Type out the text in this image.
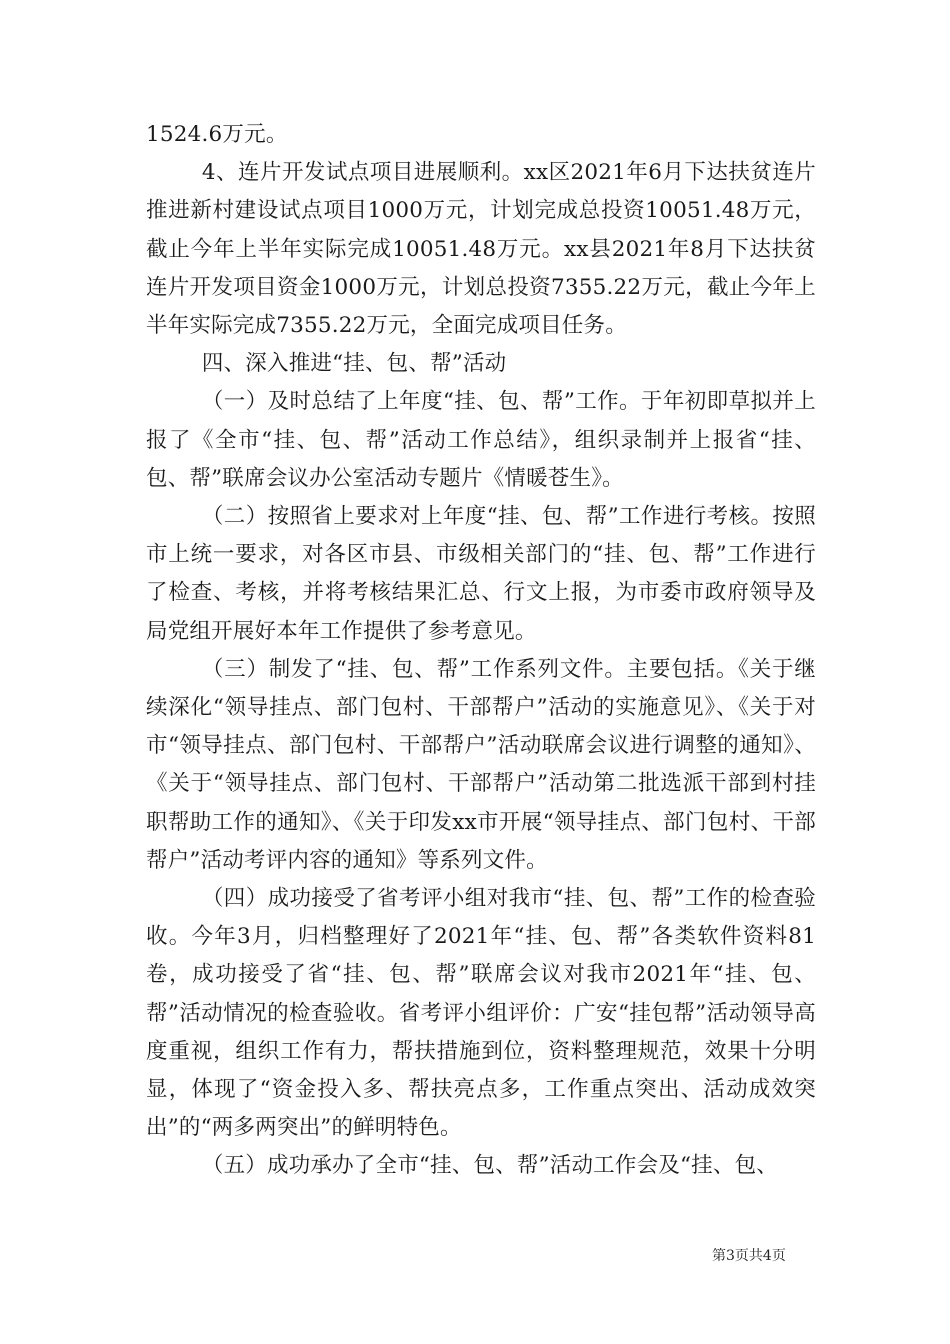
1524.6万元。

4、连片开发试点项目进展顺利。xx区2021年6月下达扶贫连片推进新村建设试点项目1000万元，计划完成总投资10051.48万元，截止今年上半年实际完成10051.48万元。xx县2021年8月下达扶贫连片开发项目资金1000万元，计划总投资7355.22万元，截止今年上半年实际完成7355.22万元，全面完成项目任务。

四、深入推进“挂、包、帮”活动

（一）及时总结了上年度“挂、包、帮”工作。于年初即草拟并上报了《全市“挂、包、帮”活动工作总结》，组织录制并上报省“挂、包、帮”联席会议办公室活动专题片《情暖苍生》。

（二）按照省上要求对上年度“挂、包、帮”工作进行考核。按照市上统一要求，对各区市县、市级相关部门的“挂、包、帮”工作进行了检查、考核，并将考核结果汇总、行文上报，为市委市政府领导及局党组开展好本年工作提供了参考意见。

（三）制发了“挂、包、帮”工作系列文件。主要包括。《关于继续深化“领导挂点、部门包村、干部帮户”活动的实施意见》、《关于对市“领导挂点、部门包村、干部帮户”活动联席会议进行调整的通知》、《关于“领导挂点、部门包村、干部帮户”活动第二批选派干部到村挂职帮助工作的通知》、《关于印发xx市开展“领导挂点、部门包村、干部帮户”活动考评内容的通知》等系列文件。

（四）成功接受了省考评小组对我市“挂、包、帮”工作的检查验收。今年3月，归档整理好了2021年“挂、包、帮”各类软件资料81卷，成功接受了省“挂、包、帮”联席会议对我市2021年“挂、包、帮”活动情况的检查验收。省考评小组评价：广安“挂包帮”活动领导高度重视，组织工作有力，帮扶措施到位，资料整理规范，效果十分明显，体现了“资金投入多、帮扶亮点多，工作重点突出、活动成效突出”的“两多两突出”的鲜明特色。

（五）成功承办了全市“挂、包、帮”活动工作会及“挂、包、

第3页共4页
